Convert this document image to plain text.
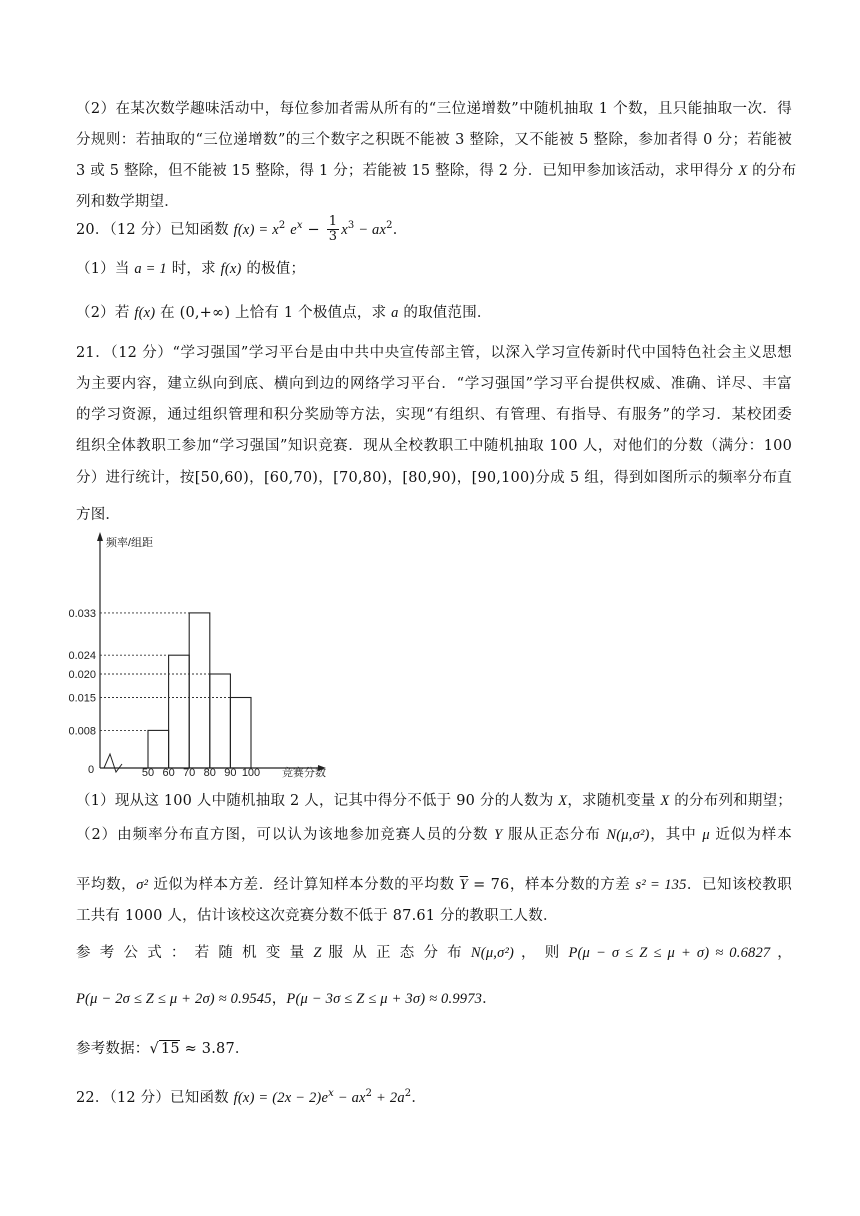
（2）在某次数学趣味活动中，每位参加者需从所有的“三位递增数”中随机抽取 1 个数，且只能抽取一次．得
分规则：若抽取的“三位递增数”的三个数字之积既不能被 3 整除，又不能被 5 整除，参加者得 0 分；若能被
3 或 5 整除，但不能被 15 整除，得 1 分；若能被 15 整除，得 2 分．已知甲参加该活动，求甲得分 X 的分布
列和数学期望．
20．（12 分）已知函数 $f(x) = x^2$ $e^x - \frac{1}{3} x^3 - ax^2$．
（1）当 a = 1 时，求 f(x) 的极值；
（2）若 f(x) 在 (0,+∞) 上恰有 1 个极值点，求 a 的取值范围．
21．（12 分）“学习强国”学习平台是由中共中央宣传部主管，以深入学习宣传新时代中国特色社会主义思想
为主要内容，建立纵向到底、横向到边的网络学习平台．“学习强国”学习平台提供权威、准确、详尽、丰富
的学习资源，通过组织管理和积分奖励等方法，实现“有组织、有管理、有指导、有服务”的学习．某校团委
组织全体教职工参加“学习强国”知识竞赛．现从全校教职工中随机抽取 100 人，对他们的分数（满分：100
分）进行统计，按[50,60)，[60,70)，[70,80)，[80,90)，[90,100)分成 5 组，得到如图所示的频率分布直
方图．
频率/组距
竞赛分数
0
0.033
0.024
0.020
0.015
0.008
50 60 70 80 90 100
（1）现从这 100 人中随机抽取 2 人，记其中得分不低于 90 分的人数为 X，求随机变量 X 的分布列和期望；
（2）由频率分布直方图，可以认为该地参加竞赛人员的分数 Y 服从正态分布 N(μ,σ²)，其中 μ 近似为样本
平均数，σ² 近似为样本方差．经计算知样本分数的平均数 $\overline{Y} = 76$，样本分数的方差 s² = 135．已知该校教职
工共有 1000 人，估计该校这次竞赛分数不低于 87.61 分的教职工人数．
参 考 公 式 ： 若 随 机 变 量 Z 服 从 正 态 分 布 N(μ,σ²) ， 则 P(μ − σ ≤ Z ≤ μ + σ) ≈ 0.6827 ，
P(μ − 2σ ≤ Z ≤ μ + 2σ) ≈ 0.9545，P(μ − 3σ ≤ Z ≤ μ + 3σ) ≈ 0.9973．
参考数据：√ 15 ≈ 3.87．
22．（12 分）已知函数 $f(x) = (2x - 2)e^x - ax^2 + 2a^2$．
